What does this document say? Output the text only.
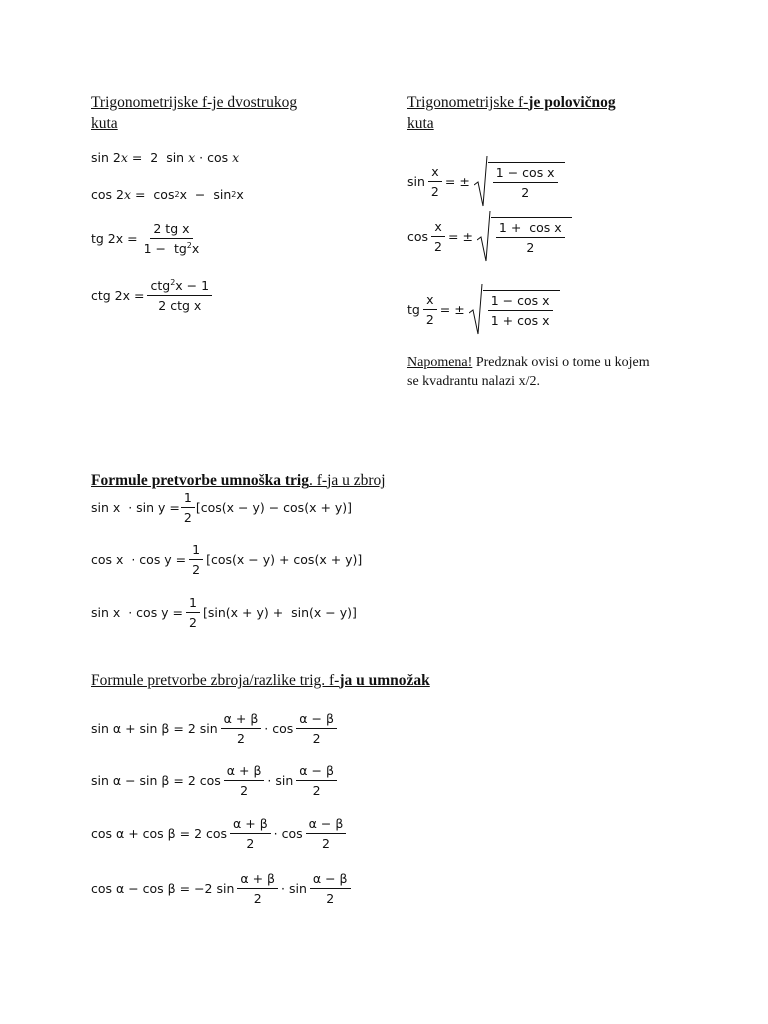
Trigonometrijske f-je dvostrukog
kuta
sin 2 x =  2  sin x · cos x
cos 2 x =  cos 2 x  −  sin 2 x
tg $2x = \frac{\text{2 tg x}}{1 - tg^2x}$
ctg $2x = \frac{ctg^2x - 1}{\text{2 ctg x}}$
Trigonometrijske f-je polovičnog
kuta
$\sin \frac{x}{2}$ = ± $\frac{\text{1 − cos x}}{2}$
$\cos \frac{x}{2}$ = ± $\frac{\text{1 +  cos x}}{2}$
tg $\frac{x}{2}$ = ± $\frac{\text{1 − cos x}}{\text{1 + cos x}}$
Napomena! Predznak ovisi o tome u kojem
se kvadrantu nalazi x/2.
Formule pretvorbe umnoška trig. f-ja u zbroj
$\sin x \cdot \sin y = \frac{1}{2} [\cos(x - y) - \cos(x + y)]$
$\cos x \cdot \cos y = \frac{1}{2} [\cos(x - y) + \cos(x + y)]$
$\sin x \cdot \cos y = \frac{1}{2} [\sin(x + y) + \sin(x - y)]$
Formule pretvorbe zbroja/razlike trig. f-ja u umnožak
sin α + sin β = 2 $\sin \frac{\alpha + \beta}{2} \cdot \cos \frac{\alpha - \beta}{2}$
sin α − sin β = 2 $\cos \frac{\alpha + \beta}{2} \cdot \sin \frac{\alpha - \beta}{2}$
cos α + cos β = 2 $\cos \frac{\alpha + \beta}{2} \cdot \cos \frac{\alpha - \beta}{2}$
cos α − cos β = −2 $\sin \frac{\alpha + \beta}{2} \cdot \sin \frac{\alpha - \beta}{2}$
